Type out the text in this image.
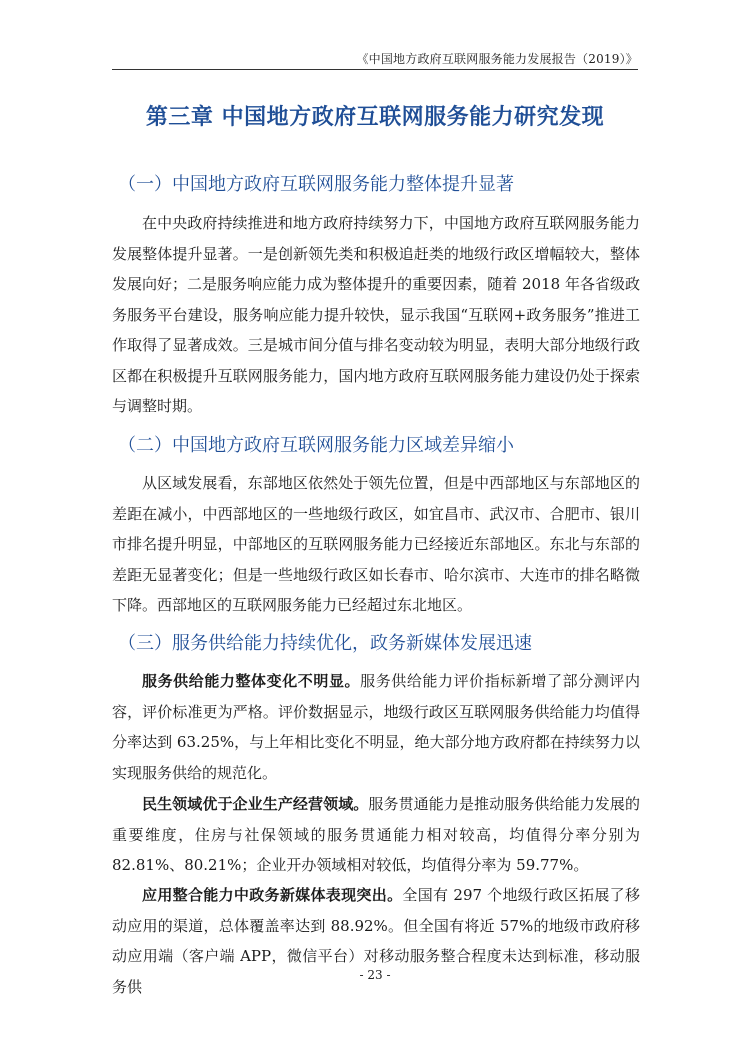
《中国地方政府互联网服务能力发展报告（2019）》
第三章 中国地方政府互联网服务能力研究发现
（一）中国地方政府互联网服务能力整体提升显著

在中央政府持续推进和地方政府持续努力下，中国地方政府互联网服务能力发展整体提升显著。一是创新领先类和积极追赶类的地级行政区增幅较大，整体发展向好；二是服务响应能力成为整体提升的重要因素，随着 2018 年各省级政务服务平台建设，服务响应能力提升较快，显示我国“互联网+政务服务”推进工作取得了显著成效。三是城市间分值与排名变动较为明显，表明大部分地级行政区都在积极提升互联网服务能力，国内地方政府互联网服务能力建设仍处于探索与调整时期。

（二）中国地方政府互联网服务能力区域差异缩小

从区域发展看，东部地区依然处于领先位置，但是中西部地区与东部地区的差距在减小，中西部地区的一些地级行政区，如宜昌市、武汉市、合肥市、银川市排名提升明显，中部地区的互联网服务能力已经接近东部地区。东北与东部的差距无显著变化；但是一些地级行政区如长春市、哈尔滨市、大连市的排名略微下降。西部地区的互联网服务能力已经超过东北地区。

（三）服务供给能力持续优化，政务新媒体发展迅速

服务供给能力整体变化不明显。服务供给能力评价指标新增了部分测评内容，评价标准更为严格。评价数据显示，地级行政区互联网服务供给能力均值得分率达到 63.25%，与上年相比变化不明显，绝大部分地方政府都在持续努力以实现服务供给的规范化。

民生领域优于企业生产经营领域。服务贯通能力是推动服务供给能力发展的重要维度，住房与社保领域的服务贯通能力相对较高，均值得分率分别为 82.81%、80.21%；企业开办领域相对较低，均值得分率为 59.77%。

应用整合能力中政务新媒体表现突出。全国有 297 个地级行政区拓展了移动应用的渠道，总体覆盖率达到 88.92%。但全国有将近 57%的地级市政府移动应用端（客户端 APP，微信平台）对移动服务整合程度未达到标准，移动服务供

- 23 -
